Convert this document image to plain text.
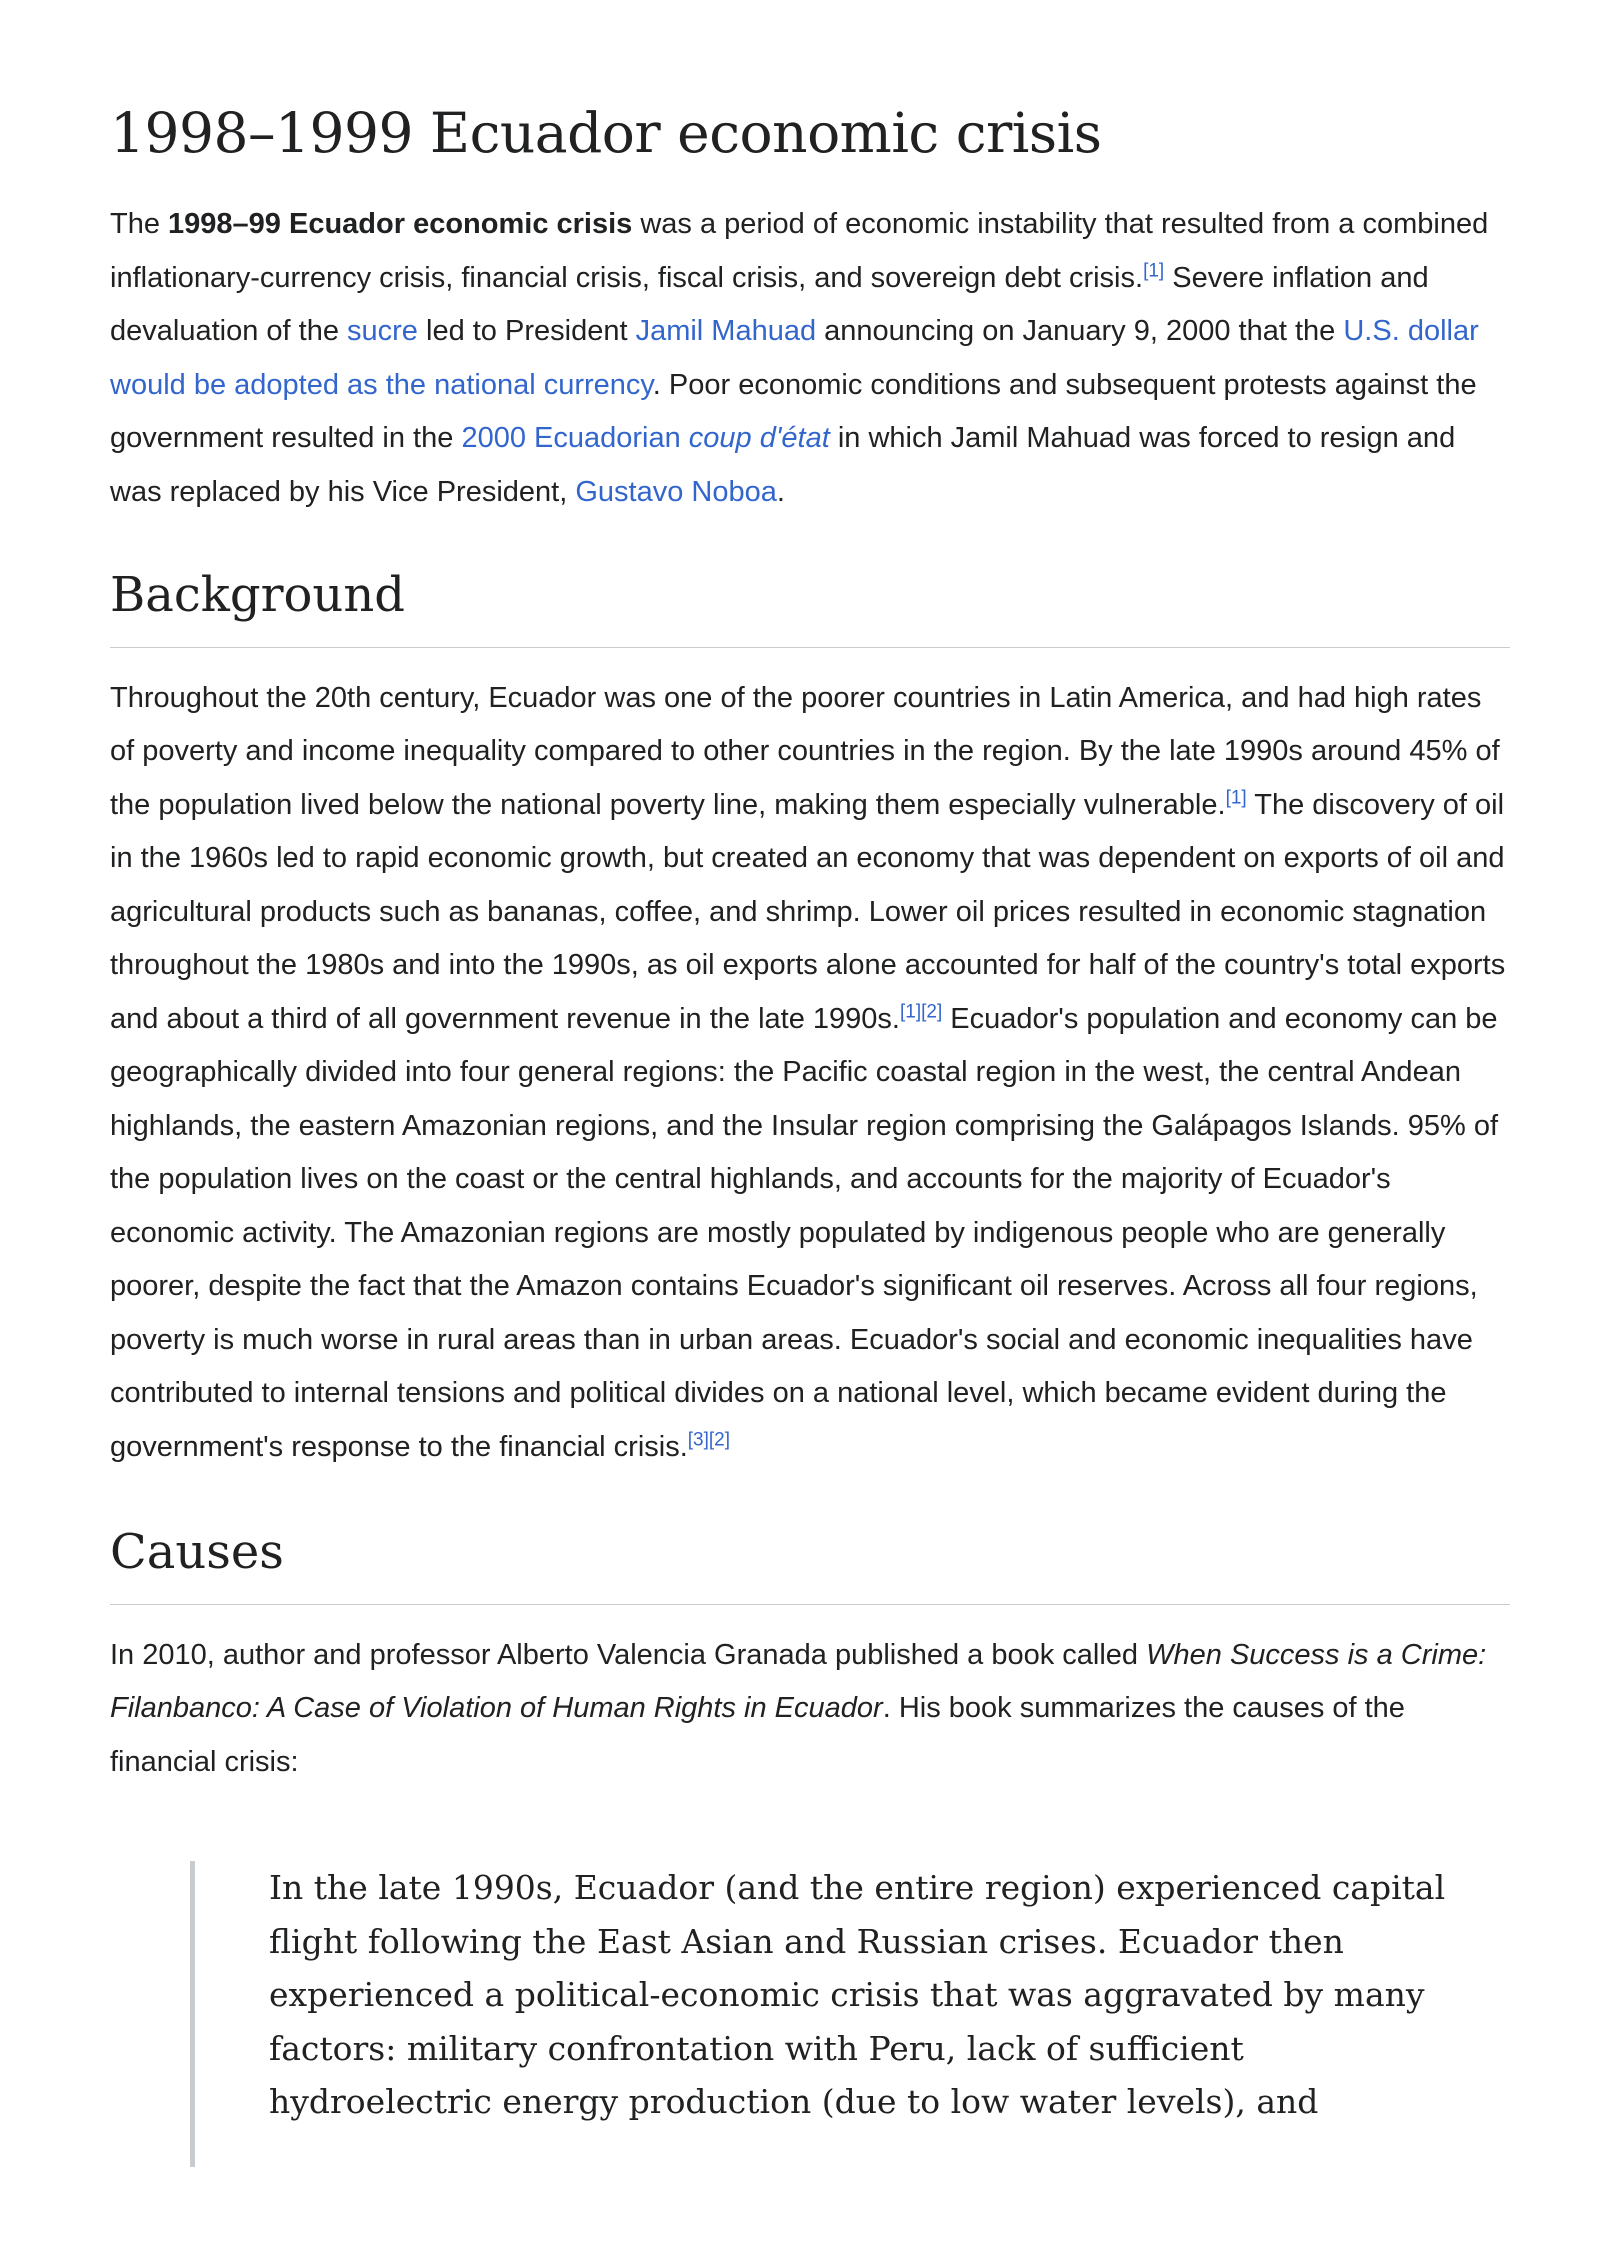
1998–1999 Ecuador economic crisis

The 1998–99 Ecuador economic crisis was a period of economic instability that resulted from a combined inflationary-currency crisis, financial crisis, fiscal crisis, and sovereign debt crisis.[1] Severe inflation and devaluation of the sucre led to President Jamil Mahuad announcing on January 9, 2000 that the U.S. dollar would be adopted as the national currency. Poor economic conditions and subsequent protests against the government resulted in the 2000 Ecuadorian coup d'état in which Jamil Mahuad was forced to resign and was replaced by his Vice President, Gustavo Noboa.

Background

Throughout the 20th century, Ecuador was one of the poorer countries in Latin America, and had high rates of poverty and income inequality compared to other countries in the region. By the late 1990s around 45% of the population lived below the national poverty line, making them especially vulnerable.[1] The discovery of oil in the 1960s led to rapid economic growth, but created an economy that was dependent on exports of oil and agricultural products such as bananas, coffee, and shrimp. Lower oil prices resulted in economic stagnation throughout the 1980s and into the 1990s, as oil exports alone accounted for half of the country's total exports and about a third of all government revenue in the late 1990s.[1][2] Ecuador's population and economy can be geographically divided into four general regions: the Pacific coastal region in the west, the central Andean highlands, the eastern Amazonian regions, and the Insular region comprising the Galápagos Islands. 95% of the population lives on the coast or the central highlands, and accounts for the majority of Ecuador's economic activity. The Amazonian regions are mostly populated by indigenous people who are generally poorer, despite the fact that the Amazon contains Ecuador's significant oil reserves. Across all four regions, poverty is much worse in rural areas than in urban areas. Ecuador's social and economic inequalities have contributed to internal tensions and political divides on a national level, which became evident during the government's response to the financial crisis.[3][2]

Causes

In 2010, author and professor Alberto Valencia Granada published a book called When Success is a Crime: Filanbanco: A Case of Violation of Human Rights in Ecuador. His book summarizes the causes of the financial crisis:

In the late 1990s, Ecuador (and the entire region) experienced capital flight following the East Asian and Russian crises. Ecuador then experienced a political-economic crisis that was aggravated by many factors: military confrontation with Peru, lack of sufficient hydroelectric energy production (due to low water levels), and
